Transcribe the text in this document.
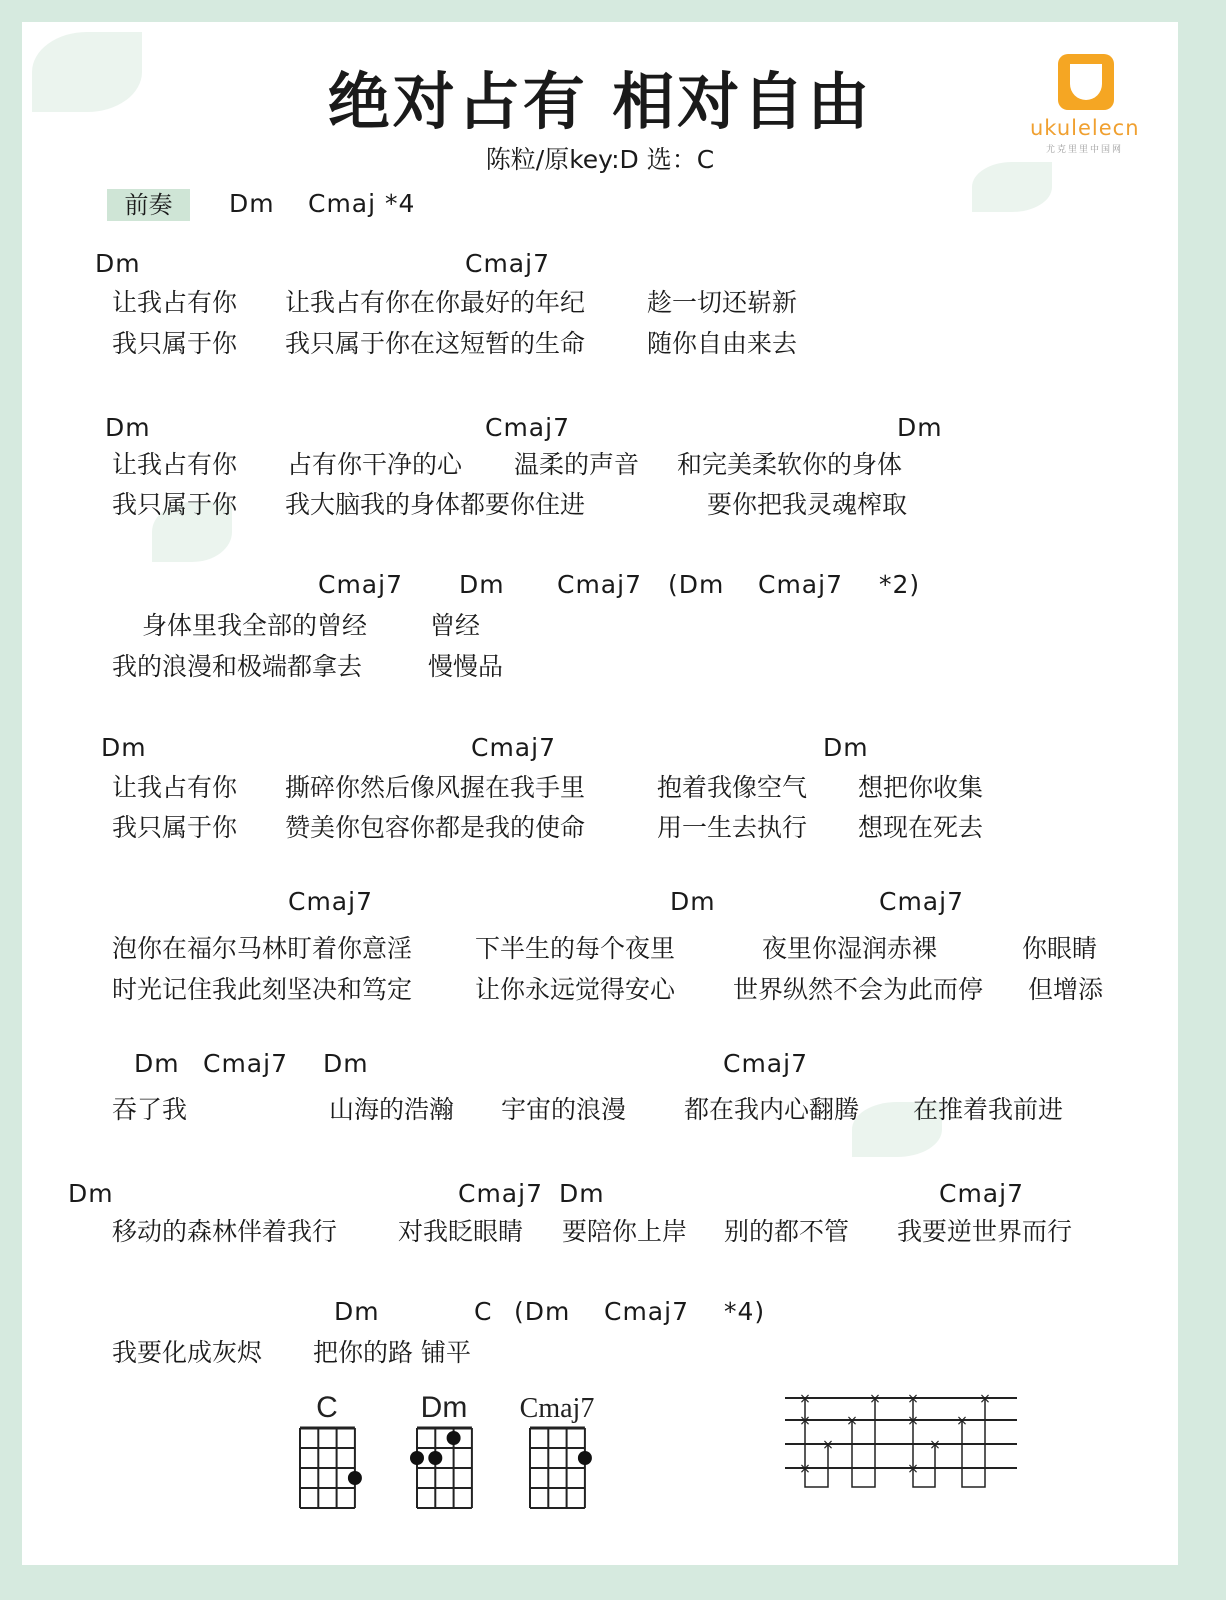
绝对占有 相对自由
陈粒/原key:D 选：C
ukulelecn
尤克里里中国网
前奏	Dm Cmaj *4
Dm	Cmaj7
让我占有你 让我占有你在你最好的年纪 趁一切还崭新
我只属于你 我只属于你在这短暂的生命 随你自由来去
Dm	Cmaj7	Dm
让我占有你 占有你干净的心 温柔的声音 和完美柔软你的身体
我只属于你 我大脑我的身体都要你住进	要你把我灵魂榨取
Cmaj7 Dm Cmaj7 (Dm Cmaj7 *2)
身体里我全部的曾经	曾经
我的浪漫和极端都拿去	慢慢品
Dm	Cmaj7	Dm
让我占有你 撕碎你然后像风握在我手里	抱着我像空气 想把你收集
我只属于你 赞美你包容你都是我的使命	用一生去执行 想现在死去
Cmaj7	Dm	Cmaj7
泡你在福尔马林盯着你意淫	下半生的每个夜里	夜里你湿润赤裸	你眼睛
时光记住我此刻坚决和笃定	让你永远觉得安心 世界纵然不会为此而停 但增添
Dm Cmaj7 Dm	Cmaj7
吞了我	山海的浩瀚 宇宙的浪漫 都在我内心翻腾 在推着我前进
Dm	Cmaj7 Dm	Cmaj7
移动的森林伴着我行 对我眨眼睛 要陪你上岸 别的都不管 我要逆世界而行
Dm	C (Dm Cmaj7 *4)
我要化成灰烬 把你的路 铺平
C	Dm Cmaj7	×	× ×	×
×	×	×	×
×	×
×	×
